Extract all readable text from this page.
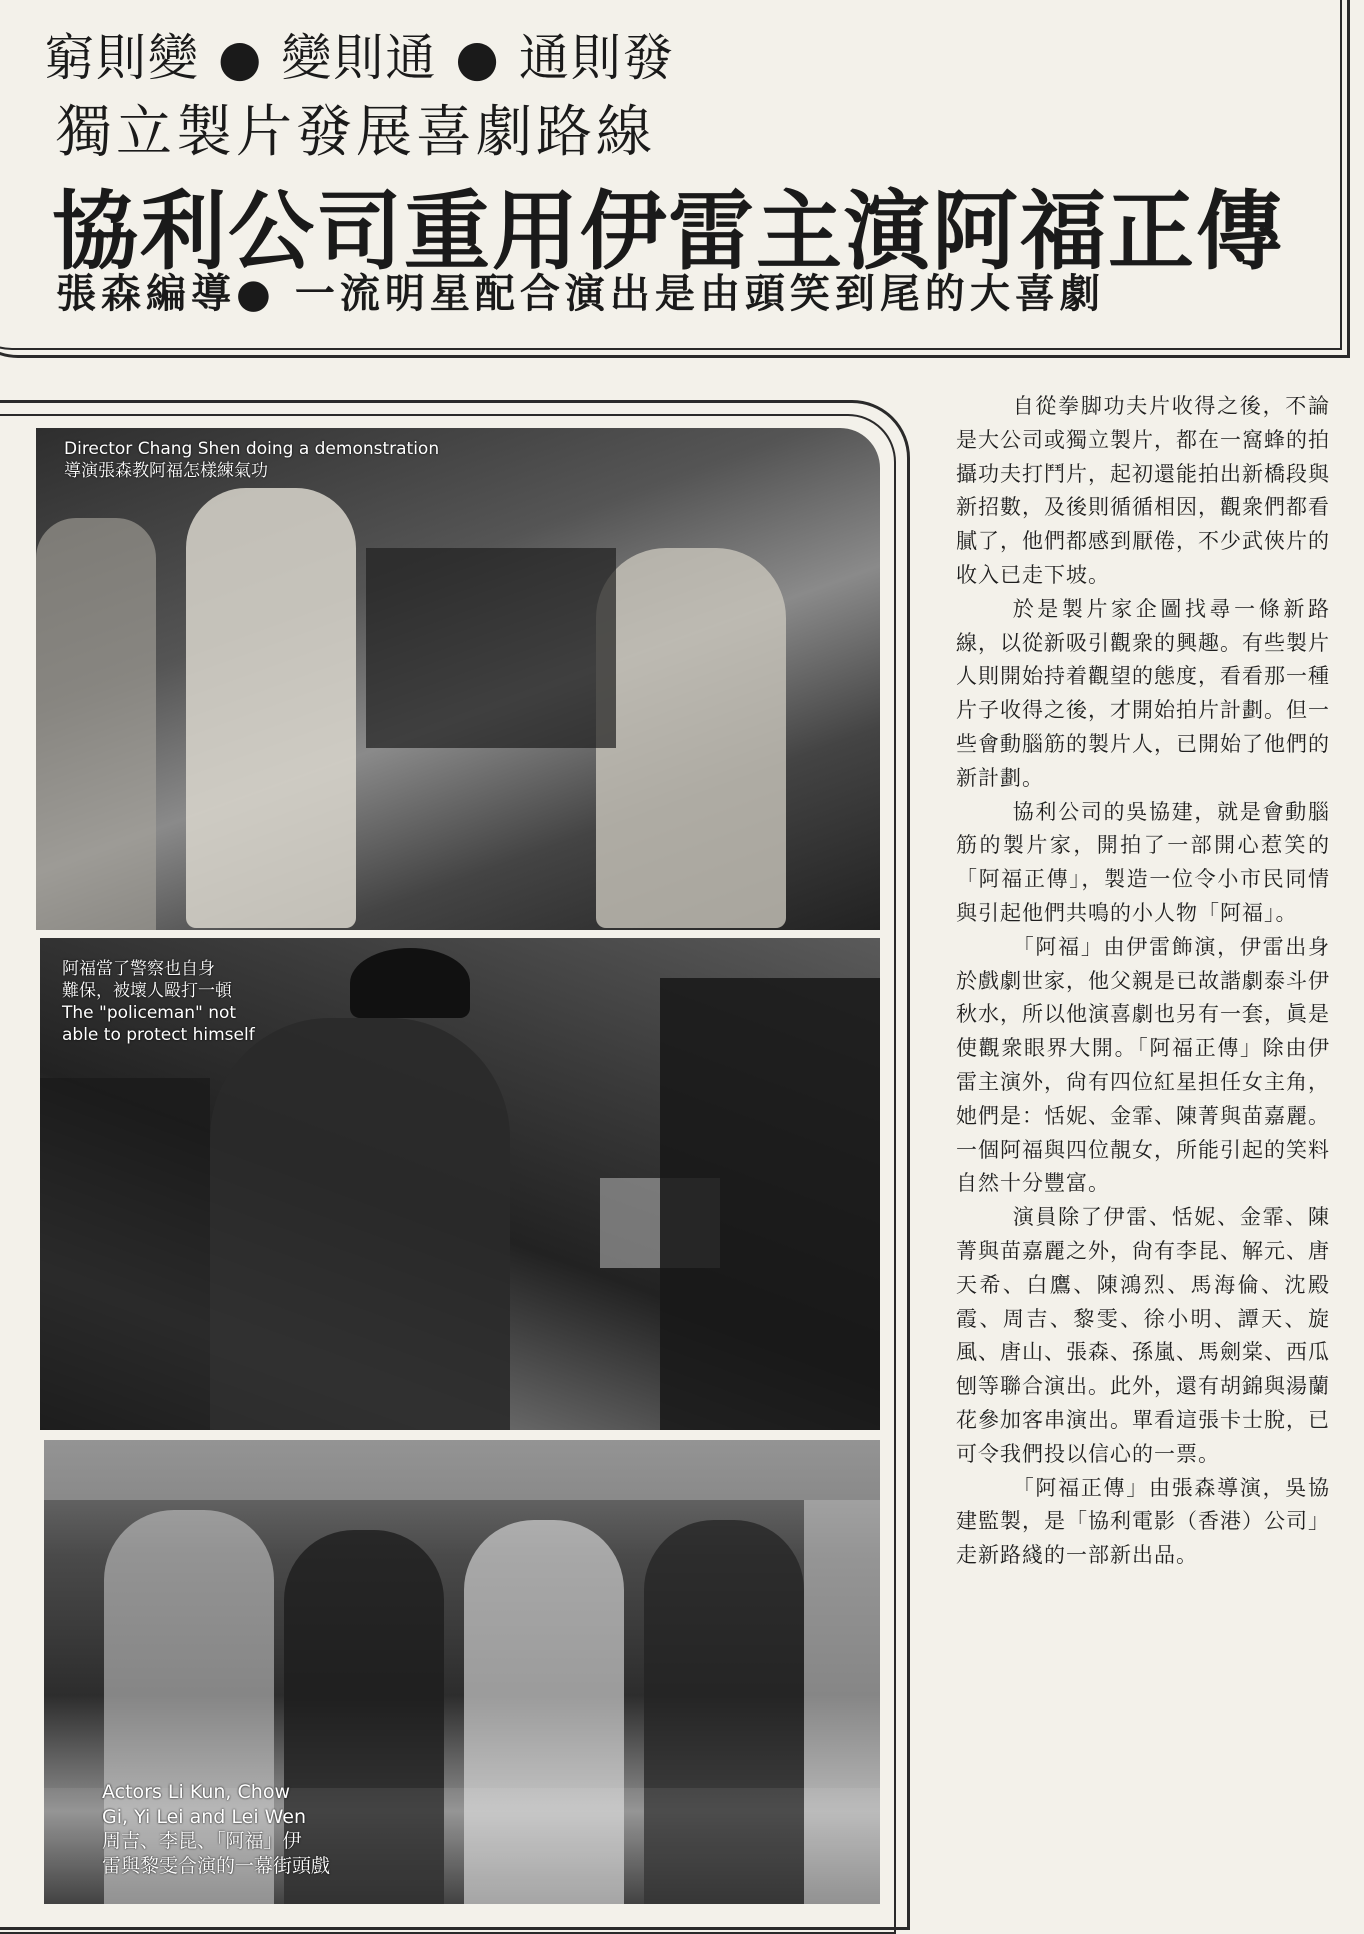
窮則變 ● 變則通 ● 通則發
獨立製片發展喜劇路線
協利公司重用伊雷主演阿福正傳
張森編導● 一流明星配合演出是由頭笑到尾的大喜劇
Director Chang Shen doing a demonstration
導演張森教阿福怎樣練氣功
阿福當了警察也自身
難保，被壞人毆打一頓
The "policeman" not
able to protect himself
Actors Li Kun, Chow
Gi, Yi Lei and Lei Wen
周吉、李昆、「阿福」伊
雷與黎雯合演的一幕街頭戲

自從拳脚功夫片收得之後，不論是大公司或獨立製片，都在一窩蜂的拍攝功夫打鬥片，起初還能拍出新橋段與新招數，及後則循循相因，觀衆們都看膩了，他們都感到厭倦，不少武俠片的收入已走下坡。

於是製片家企圖找尋一條新路線，以從新吸引觀衆的興趣。有些製片人則開始持着觀望的態度，看看那一種片子收得之後，才開始拍片計劃。但一些會動腦筋的製片人，已開始了他們的新計劃。

協利公司的吳協建，就是會動腦筋的製片家，開拍了一部開心惹笑的「阿福正傳」，製造一位令小市民同情與引起他們共鳴的小人物「阿福」。

「阿福」由伊雷飾演，伊雷出身於戲劇世家，他父親是已故諧劇泰斗伊秋水，所以他演喜劇也另有一套，眞是使觀衆眼界大開。「阿福正傳」除由伊雷主演外，尙有四位紅星担任女主角，她們是：恬妮、金霏、陳菁與苗嘉麗。一個阿福與四位靚女，所能引起的笑料自然十分豐富。

演員除了伊雷、恬妮、金霏、陳菁與苗嘉麗之外，尙有李昆、解元、唐天希、白鷹、陳鴻烈、馬海倫、沈殿霞、周吉、黎雯、徐小明、譚天、旋風、唐山、張森、孫嵐、馬劍棠、西瓜刨等聯合演出。此外，還有胡錦與湯蘭花參加客串演出。單看這張卡士脫，已可令我們投以信心的一票。

「阿福正傳」由張森導演，吳協建監製，是「協利電影（香港）公司」走新路綫的一部新出品。
